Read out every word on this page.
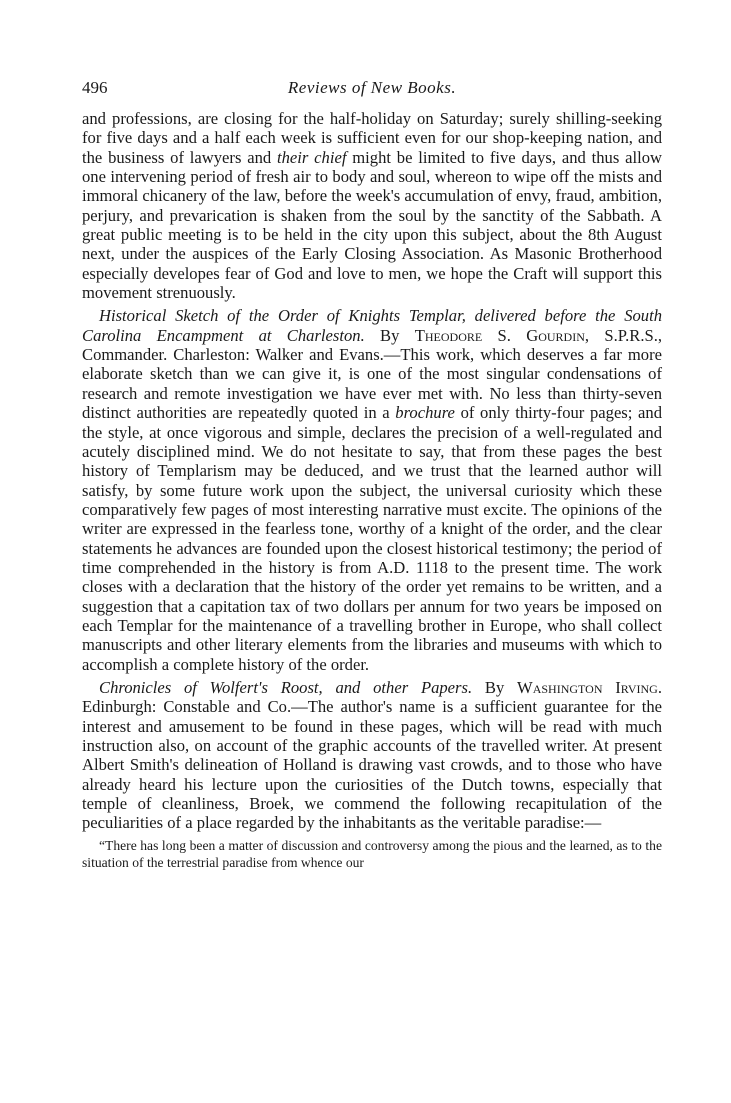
496	Reviews of New Books.

and professions, are closing for the half-holiday on Saturday; surely shilling-seeking for five days and a half each week is sufficient even for our shop-keeping nation, and the business of lawyers and their chief might be limited to five days, and thus allow one intervening period of fresh air to body and soul, whereon to wipe off the mists and immoral chicanery of the law, before the week's accumulation of envy, fraud, ambition, perjury, and prevarication is shaken from the soul by the sanctity of the Sabbath. A great public meeting is to be held in the city upon this subject, about the 8th August next, under the auspices of the Early Closing Association. As Masonic Brotherhood especially developes fear of God and love to men, we hope the Craft will support this movement strenuously.

Historical Sketch of the Order of Knights Templar, delivered before the South Carolina Encampment at Charleston. By Theodore S. Gourdin, S.P.R.S., Commander. Charleston: Walker and Evans.—This work, which deserves a far more elaborate sketch than we can give it, is one of the most singular condensations of research and remote investigation we have ever met with. No less than thirty-seven distinct authorities are repeatedly quoted in a brochure of only thirty-four pages; and the style, at once vigorous and simple, declares the precision of a well-regulated and acutely disciplined mind. We do not hesitate to say, that from these pages the best history of Templarism may be deduced, and we trust that the learned author will satisfy, by some future work upon the subject, the universal curiosity which these comparatively few pages of most interesting narrative must excite. The opinions of the writer are expressed in the fearless tone, worthy of a knight of the order, and the clear statements he advances are founded upon the closest historical testimony; the period of time comprehended in the history is from A.D. 1118 to the present time. The work closes with a declaration that the history of the order yet remains to be written, and a suggestion that a capitation tax of two dollars per annum for two years be imposed on each Templar for the maintenance of a travelling brother in Europe, who shall collect manuscripts and other literary elements from the libraries and museums with which to accomplish a complete history of the order.

Chronicles of Wolfert's Roost, and other Papers. By Washington Irving. Edinburgh: Constable and Co.—The author's name is a sufficient guarantee for the interest and amusement to be found in these pages, which will be read with much instruction also, on account of the graphic accounts of the travelled writer. At present Albert Smith's delineation of Holland is drawing vast crowds, and to those who have already heard his lecture upon the curiosities of the Dutch towns, especially that temple of cleanliness, Broek, we commend the following recapitulation of the peculiarities of a place regarded by the inhabitants as the veritable paradise:—

“There has long been a matter of discussion and controversy among the pious and the learned, as to the situation of the terrestrial paradise from whence our
